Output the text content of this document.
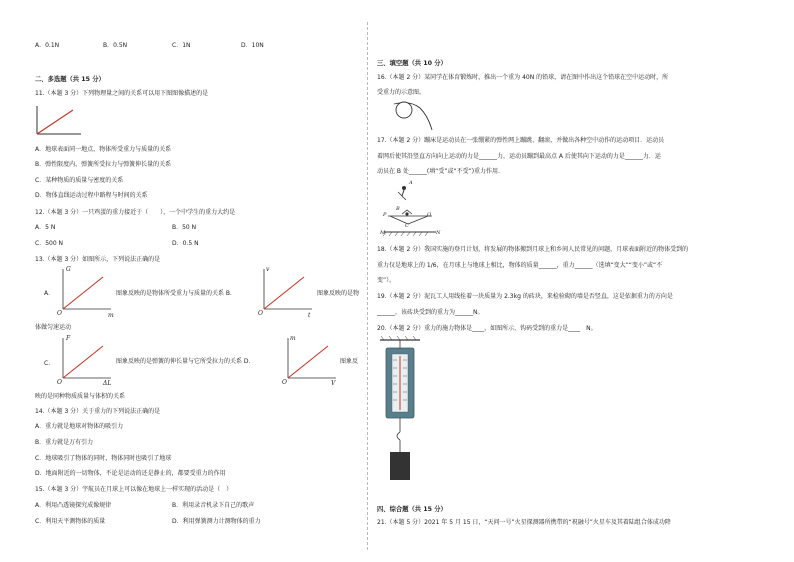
A．0.1N	B．0.5N	C．1N	D．10N
二、多选题（共 15 分）
11.（本题 3 分）下列物理量之间的关系可以用下图图像描述的是
A．地球表面同一地点，物体所受重力与质量的关系
B．弹性限度内，弹簧所受拉力与弹簧伸长量的关系
C．某种物质的质量与密度的关系
D．物体直线运动过程中路程与时间的关系
12.（本题 3 分）一只鸡蛋的重力接近于（　　），一个中学生的重力大约是
A．5 N	B．50 N
C．500 N	D．0.5 N
13.（本题 3 分）如图所示，下列说法正确的是
A．
G
m
O
图象反映的是物体所受重力与质量的关系 B．
v
t
O
图象反映的是物
体做匀速运动
C．
F
ΔL
O
图象反映的是弹簧的伸长量与它所受拉力的关系 D．
m
V
O
图象反
映的是同种物质质量与体积的关系
14.（本题 3 分）关于重力的下列说法正确的是
A．重力就是地球对物体的吸引力
B．重力就是万有引力
C．地球吸引了物体的同时，物体同时也吸引了地球
D．地面附近的一切物体，不论是运动的还是静止的，都要受重力的作用
15.（本题 3 分）宇航员在月球上可以像在地球上一样实现的活动是（　）
A．利用凸透镜探究成像规律	B．利用录音机录下自己的歌声
C．利用天平测物体的质量	D．利用弹簧测力计测物体的重力
三、填空题（共 10 分）
16.（本题 2 分）某同学在体育锻炼时，推出一个重为 40N 的铅球，请在图中作出这个铅球在空中运动时，所
受重力的示意图。
17.（本题 2 分）蹦床是运动员在一张绷紧的弹性网上蹦跳、翻滚，并做出各种空中动作的运动项目．运动员
着网后使其沿竖直方向向上运动的力是______力，运动员蹦到最高点 A 后使其向下运动的力是______力．运
动员在 B 处______(填“受”或“不受”)重力作用.
A
B
C
P	Q
M	N
18.（本题 2 分）我国实施的登月计划，将发展的物体搬到月球上和乡间人民常见的问题，月球表面附近的物体受到的
重力仅是地球上的 1/6，在月球上与地球上相比，物体的质量______，重力______（选填“变大”“变小”或“不
变”）。
19.（本题 2 分）泥瓦工人用线拴着一块质量为 2.3kg 的砖块，来检验砌的墙是否竖直，这是依据重力的方向是
______，该砖块受到的重力为______N。
20.（本题 2 分）重力的施力物体是____，如图所示，钩码受到的重力是____　N。
四、综合题（共 15 分）
21.（本题 5 分）2021 年 5 月 15 日，“天问一号”火星探测器所携带的“祝融号”火星车及其着陆组合体成功降
